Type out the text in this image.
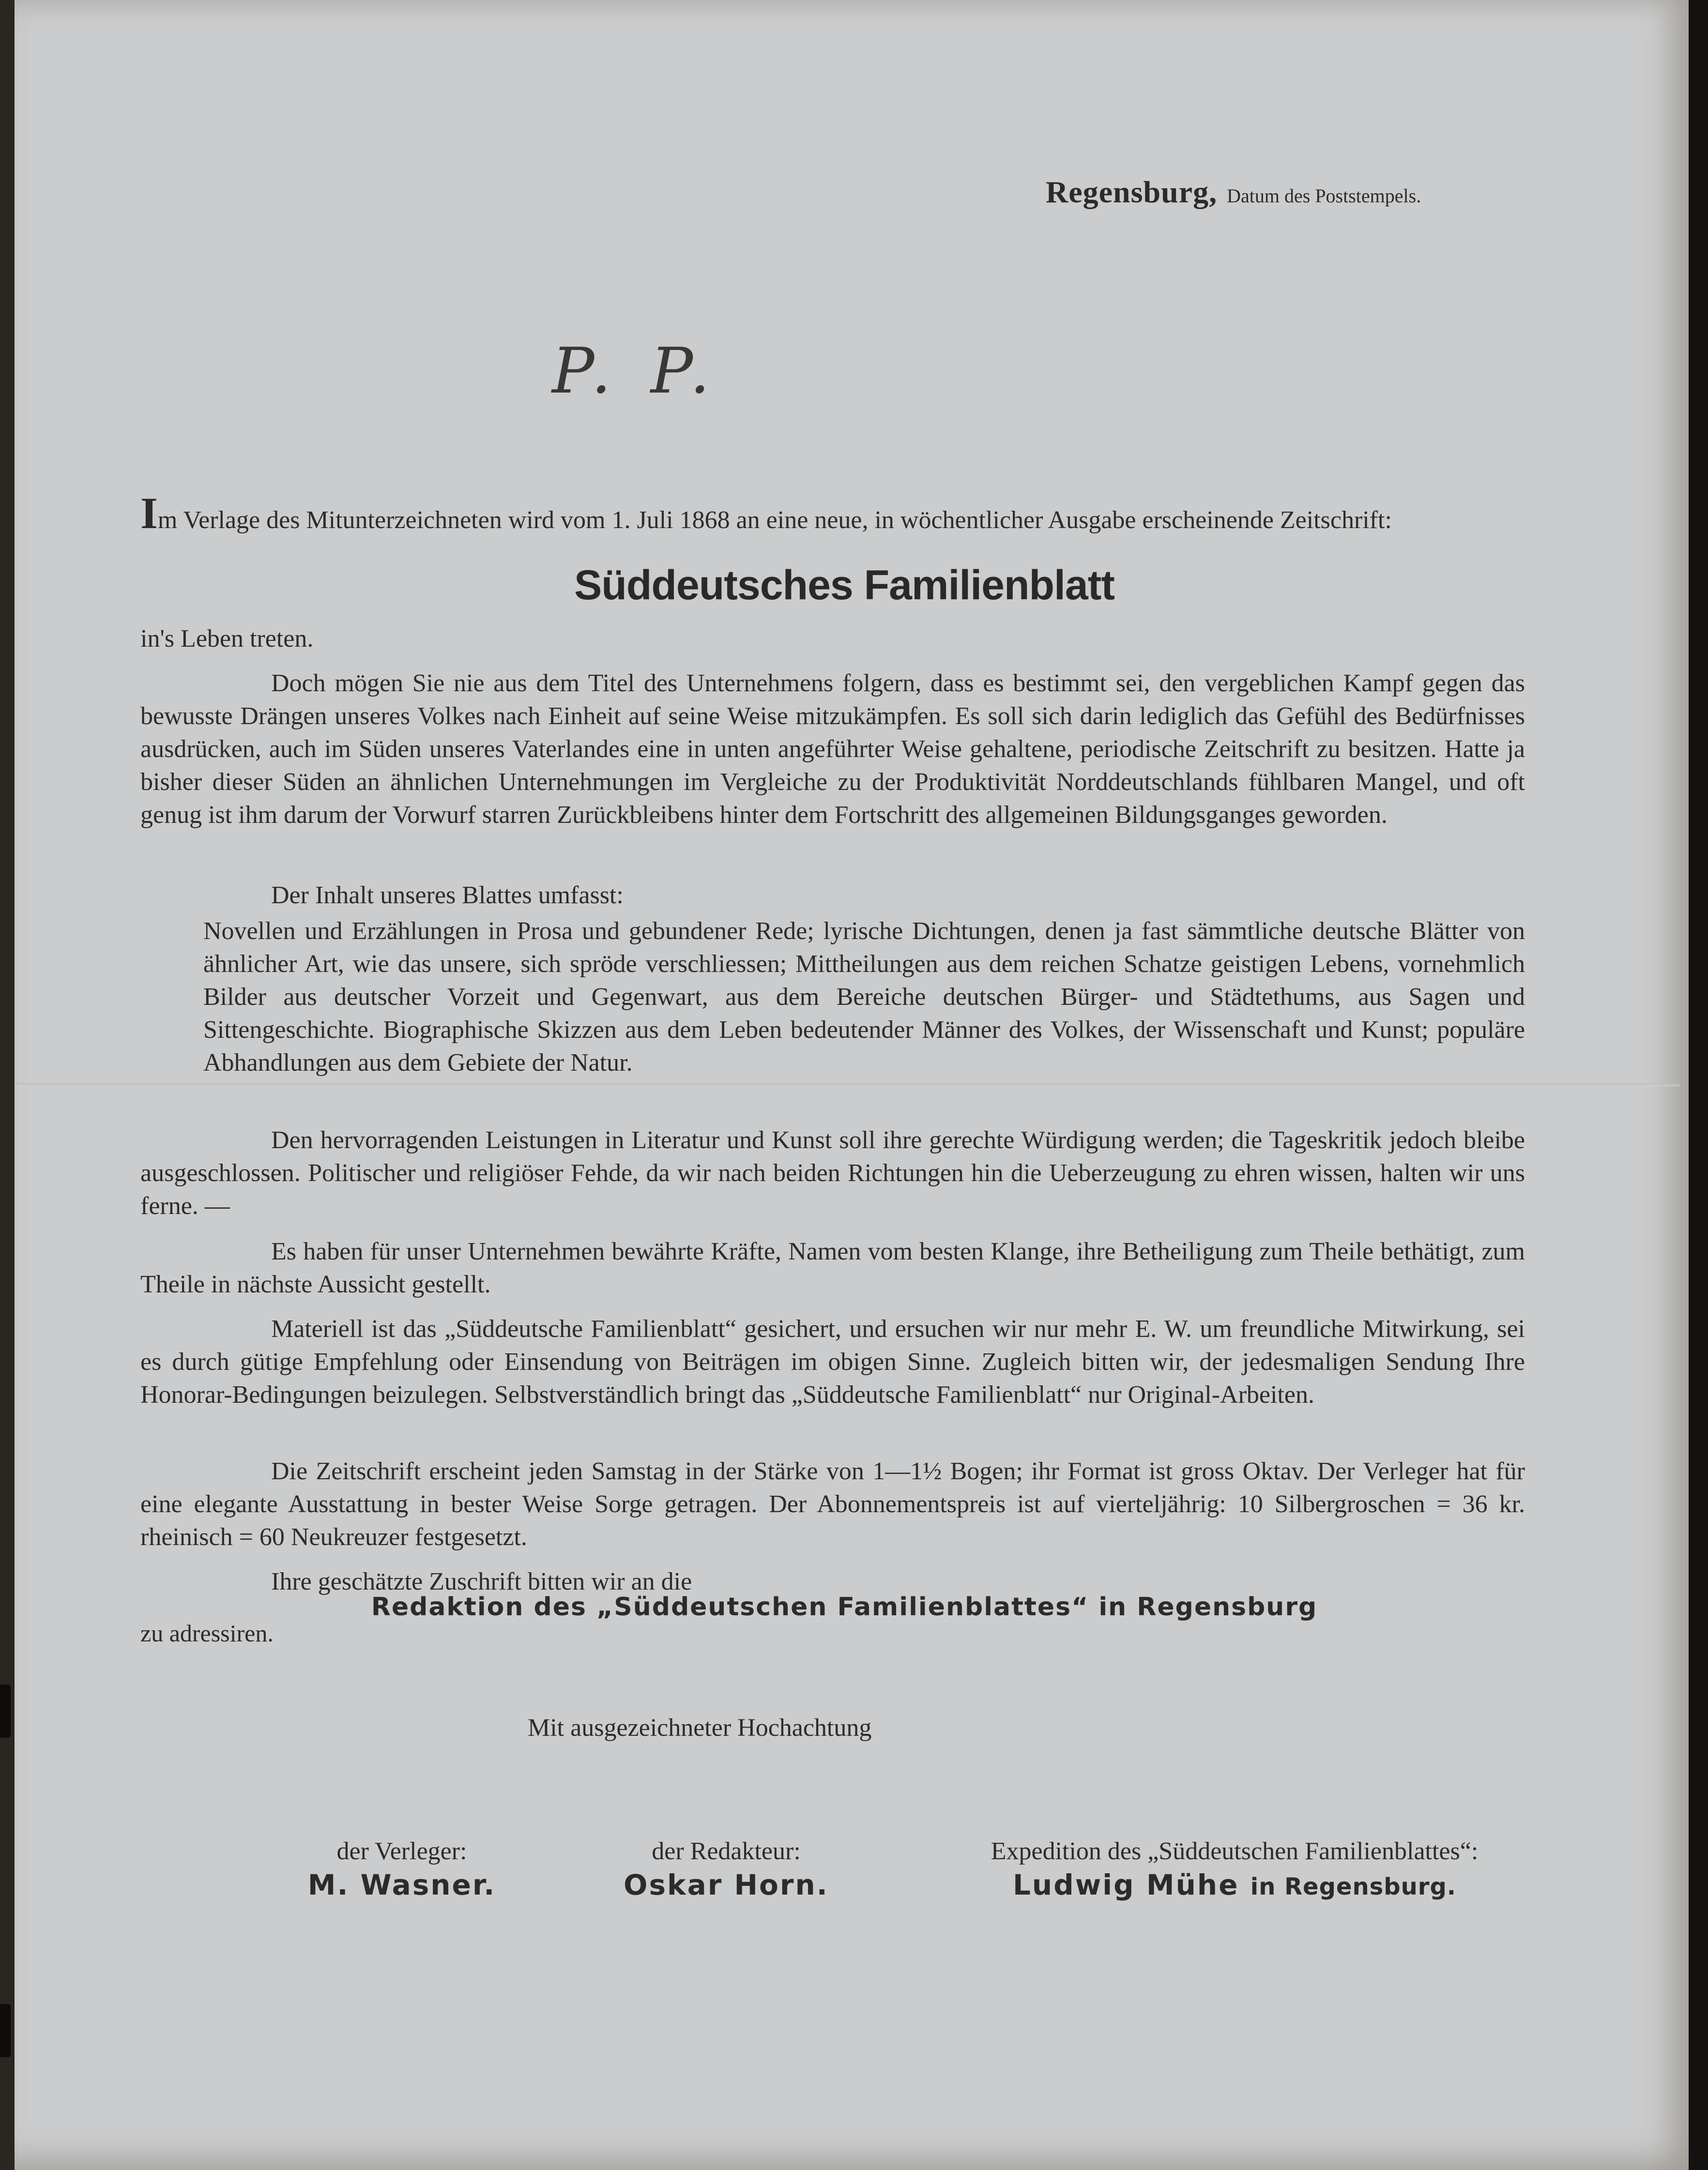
Regensburg, Datum des Poststempels.
P. P.

Im Verlage des Mitunterzeichneten wird vom 1. Juli 1868 an eine neue, in wöchentlicher Ausgabe erscheinende Zeitschrift:

Süddeutsches Familienblatt

in's Leben treten.

Doch mögen Sie nie aus dem Titel des Unternehmens folgern, dass es bestimmt sei, den vergeblichen Kampf gegen das bewusste Drängen unseres Volkes nach Einheit auf seine Weise mitzukämpfen. Es soll sich darin lediglich das Gefühl des Bedürfnisses ausdrücken, auch im Süden unseres Vaterlandes eine in unten angeführter Weise gehaltene, periodische Zeitschrift zu besitzen. Hatte ja bisher dieser Süden an ähnlichen Unternehmungen im Vergleiche zu der Produktivität Norddeutschlands fühlbaren Mangel, und oft genug ist ihm darum der Vorwurf starren Zurückbleibens hinter dem Fortschritt des allgemeinen Bildungsganges geworden.

Der Inhalt unseres Blattes umfasst:

Novellen und Erzählungen in Prosa und gebundener Rede; lyrische Dichtungen, denen ja fast sämmtliche deutsche Blätter von ähnlicher Art, wie das unsere, sich spröde verschliessen; Mittheilungen aus dem reichen Schatze geistigen Lebens, vornehmlich Bilder aus deutscher Vorzeit und Gegenwart, aus dem Bereiche deutschen Bürger- und Städtethums, aus Sagen und Sittengeschichte. Biographische Skizzen aus dem Leben bedeutender Männer des Volkes, der Wissenschaft und Kunst; populäre Abhandlungen aus dem Gebiete der Natur.

Den hervorragenden Leistungen in Literatur und Kunst soll ihre gerechte Würdigung werden; die Tageskritik jedoch bleibe ausgeschlossen. Politischer und religiöser Fehde, da wir nach beiden Richtungen hin die Ueberzeugung zu ehren wissen, halten wir uns ferne. —

Es haben für unser Unternehmen bewährte Kräfte, Namen vom besten Klange, ihre Betheiligung zum Theile bethätigt, zum Theile in nächste Aussicht gestellt.

Materiell ist das „Süddeutsche Familienblatt“ gesichert, und ersuchen wir nur mehr E. W. um freundliche Mitwirkung, sei es durch gütige Empfehlung oder Einsendung von Beiträgen im obigen Sinne. Zugleich bitten wir, der jedesmaligen Sendung Ihre Honorar-Bedingungen beizulegen. Selbstverständlich bringt das „Süddeutsche Familienblatt“ nur Original-Arbeiten.

Die Zeitschrift erscheint jeden Samstag in der Stärke von 1—1½ Bogen; ihr Format ist gross Oktav. Der Verleger hat für eine elegante Ausstattung in bester Weise Sorge getragen. Der Abonnementspreis ist auf vierteljährig: 10 Silbergroschen = 36 kr. rheinisch = 60 Neukreuzer festgesetzt.

Ihre geschätzte Zuschrift bitten wir an die

Redaktion des „Süddeutschen Familienblattes“ in Regensburg
zu adressiren.
Mit ausgezeichneter Hochachtung
der Verleger:
M. Wasner.
der Redakteur:
Oskar Horn.
Expedition des „Süddeutschen Familienblattes“:
Ludwig Mühe in Regensburg.
